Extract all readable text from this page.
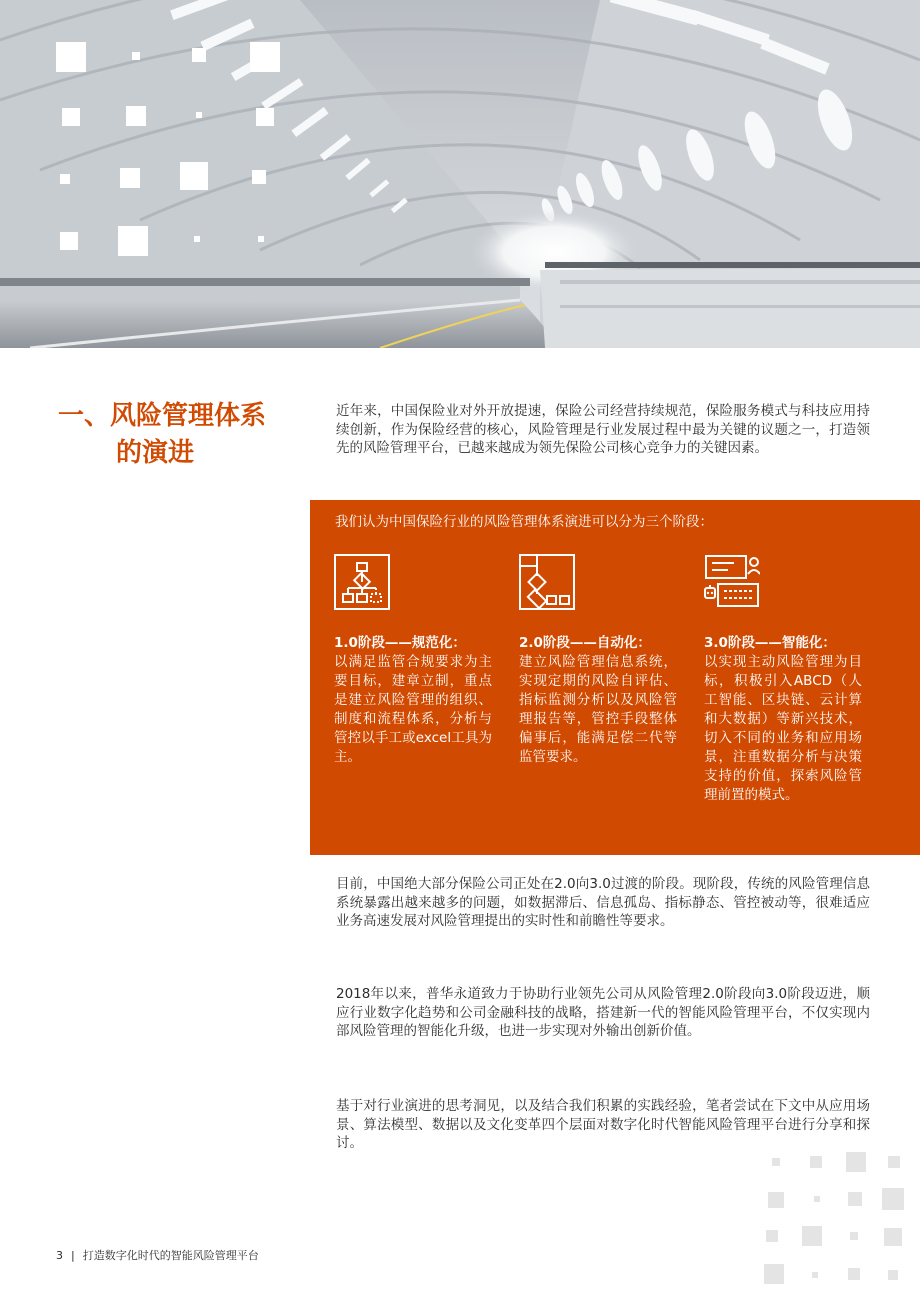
一、风险管理体系
的演进
近年来，中国保险业对外开放提速，保险公司经营持续规范，保险服务模式与科技应用持续创新，作为保险经营的核心，风险管理是行业发展过程中最为关键的议题之一，打造领先的风险管理平台，已越来越成为领先保险公司核心竞争力的关键因素。
我们认为中国保险行业的风险管理体系演进可以分为三个阶段：
1.0阶段——规范化：
以满足监管合规要求为主要目标，建章立制，重点是建立风险管理的组织、制度和流程体系，分析与管控以手工或excel工具为主。
2.0阶段——自动化：
建立风险管理信息系统，实现定期的风险自评估、指标监测分析以及风险管理报告等，管控手段整体偏事后，能满足偿二代等监管要求。
3.0阶段——智能化：
以实现主动风险管理为目标，积极引入ABCD（人工智能、区块链、云计算和大数据）等新兴技术，切入不同的业务和应用场景，注重数据分析与决策支持的价值，探索风险管理前置的模式。
目前，中国绝大部分保险公司正处在2.0向3.0过渡的阶段。现阶段，传统的风险管理信息系统暴露出越来越多的问题，如数据滞后、信息孤岛、指标静态、管控被动等，很难适应业务高速发展对风险管理提出的实时性和前瞻性等要求。
2018年以来，普华永道致力于协助行业领先公司从风险管理2.0阶段向3.0阶段迈进，顺应行业数字化趋势和公司金融科技的战略，搭建新一代的智能风险管理平台，不仅实现内部风险管理的智能化升级，也进一步实现对外输出创新价值。
基于对行业演进的思考洞见，以及结合我们积累的实践经验，笔者尝试在下文中从应用场景、算法模型、数据以及文化变革四个层面对数字化时代智能风险管理平台进行分享和探讨。
3 | 打造数字化时代的智能风险管理平台
